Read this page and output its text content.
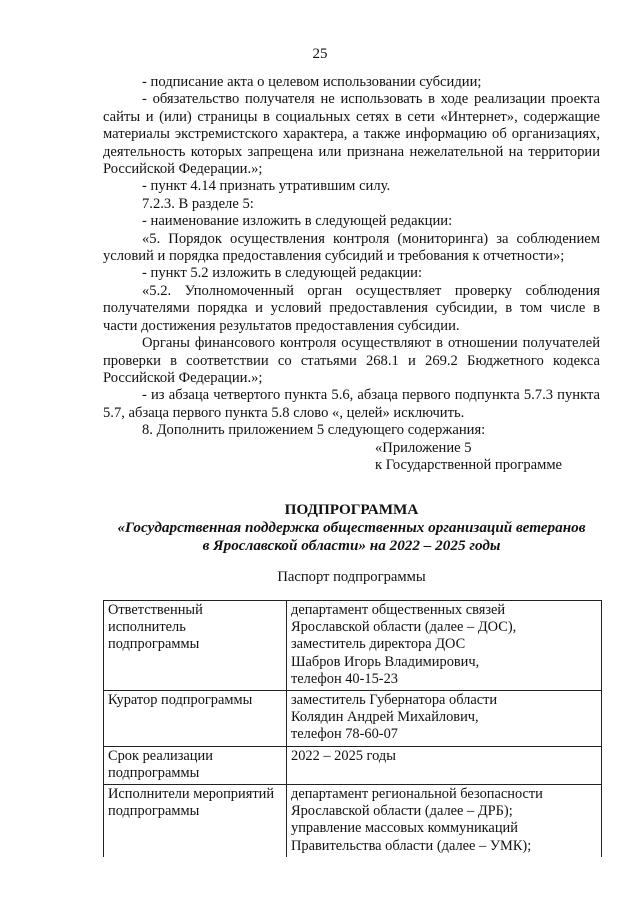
25

- подписание акта о целевом использовании субсидии;

- обязательство получателя не использовать в ходе реализации проекта сайты и (или) страницы в социальных сетях в сети «Интернет», содержащие материалы экстремистского характера, а также информацию об организациях, деятельность которых запрещена или признана нежелательной на территории Российской Федерации.»;

- пункт 4.14 признать утратившим силу.

7.2.3. В разделе 5:

- наименование изложить в следующей редакции:

«5. Порядок осуществления контроля (мониторинга) за соблюдением условий и порядка предоставления субсидий и требования к отчетности»;

- пункт 5.2 изложить в следующей редакции:

«5.2. Уполномоченный орган осуществляет проверку соблюдения получателями порядка и условий предоставления субсидии, в том числе в части достижения результатов предоставления субсидии.

Органы финансового контроля осуществляют в отношении получателей проверки в соответствии со статьями 268.1 и 269.2 Бюджетного кодекса Российской Федерации.»;

- из абзаца четвертого пункта 5.6, абзаца первого подпункта 5.7.3 пункта 5.7, абзаца первого пункта 5.8 слово «, целей» исключить.

8. Дополнить приложением 5 следующего содержания:

«Приложение 5

к Государственной программе

ПОДПРОГРАММА
«Государственная поддержка общественных организаций ветеранов
в Ярославской области» на 2022 – 2025 годы
Паспорт подпрограммы
Ответственный
исполнитель
подпрограммы	департамент общественных связей
Ярославской области (далее – ДОС),
заместитель директора ДОС
Шабров Игорь Владимирович,
телефон 40-15-23

Куратор подпрограммы	заместитель Губернатора области
Колядин Андрей Михайлович,
телефон 78-60-07

Срок реализации
подпрограммы	2022 – 2025 годы

Исполнители мероприятий
подпрограммы	департамент региональной безопасности
Ярославской области (далее – ДРБ);
управление массовых коммуникаций
Правительства области (далее – УМК);
